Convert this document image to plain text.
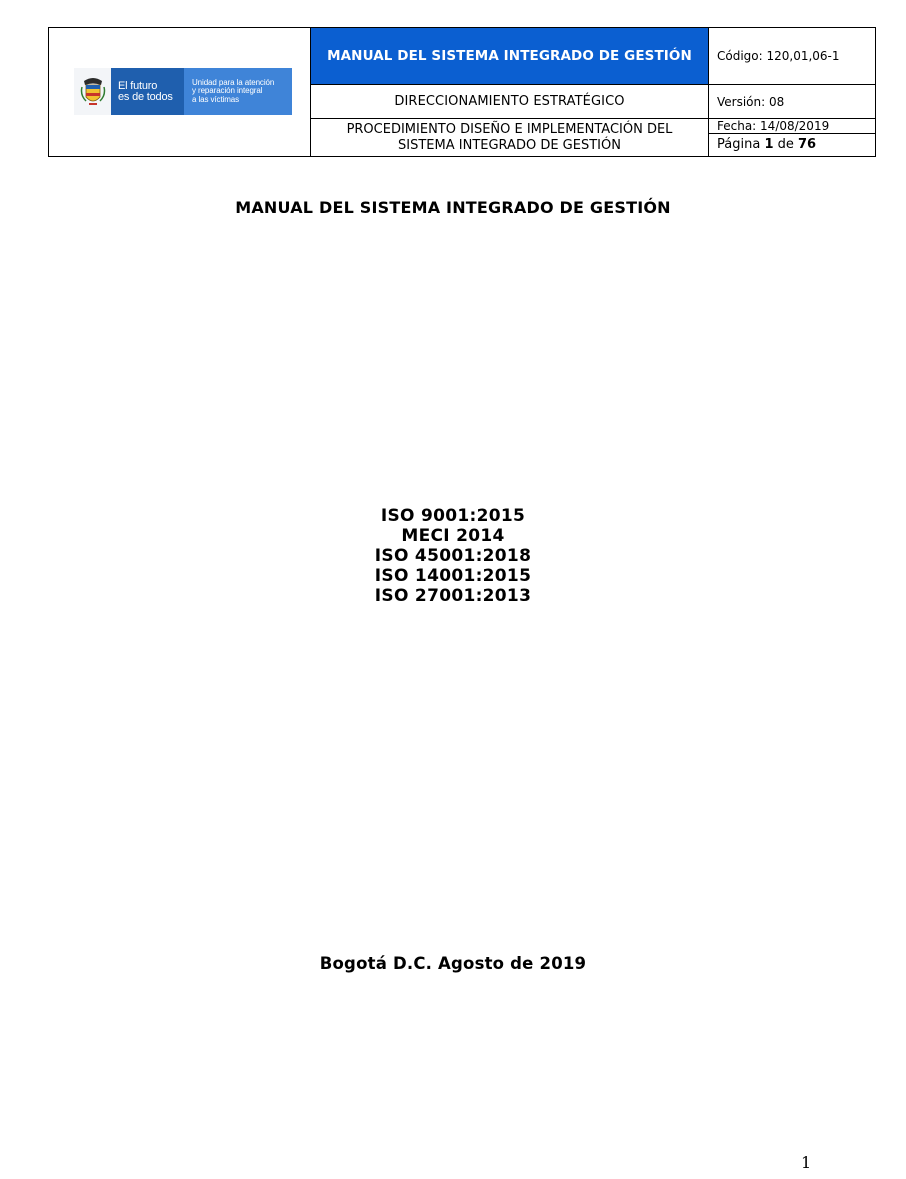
El futuro
es de todos
Unidad para la atención
y reparación integral
a las víctimas	MANUAL DEL SISTEMA INTEGRADO DE GESTIÓN	Código: 120,01,06-1
	DIRECCIONAMIENTO ESTRATÉGICO	Versión: 08

	PROCEDIMIENTO DISEÑO E IMPLEMENTACIÓN DEL
SISTEMA INTEGRADO DE GESTIÓN	Fecha: 14/08/2019
		Página 1 de 76
MANUAL DEL SISTEMA INTEGRADO DE GESTIÓN
ISO 9001:2015
MECI 2014
ISO 45001:2018
ISO 14001:2015
ISO 27001:2013
Bogotá D.C. Agosto de 2019
1
